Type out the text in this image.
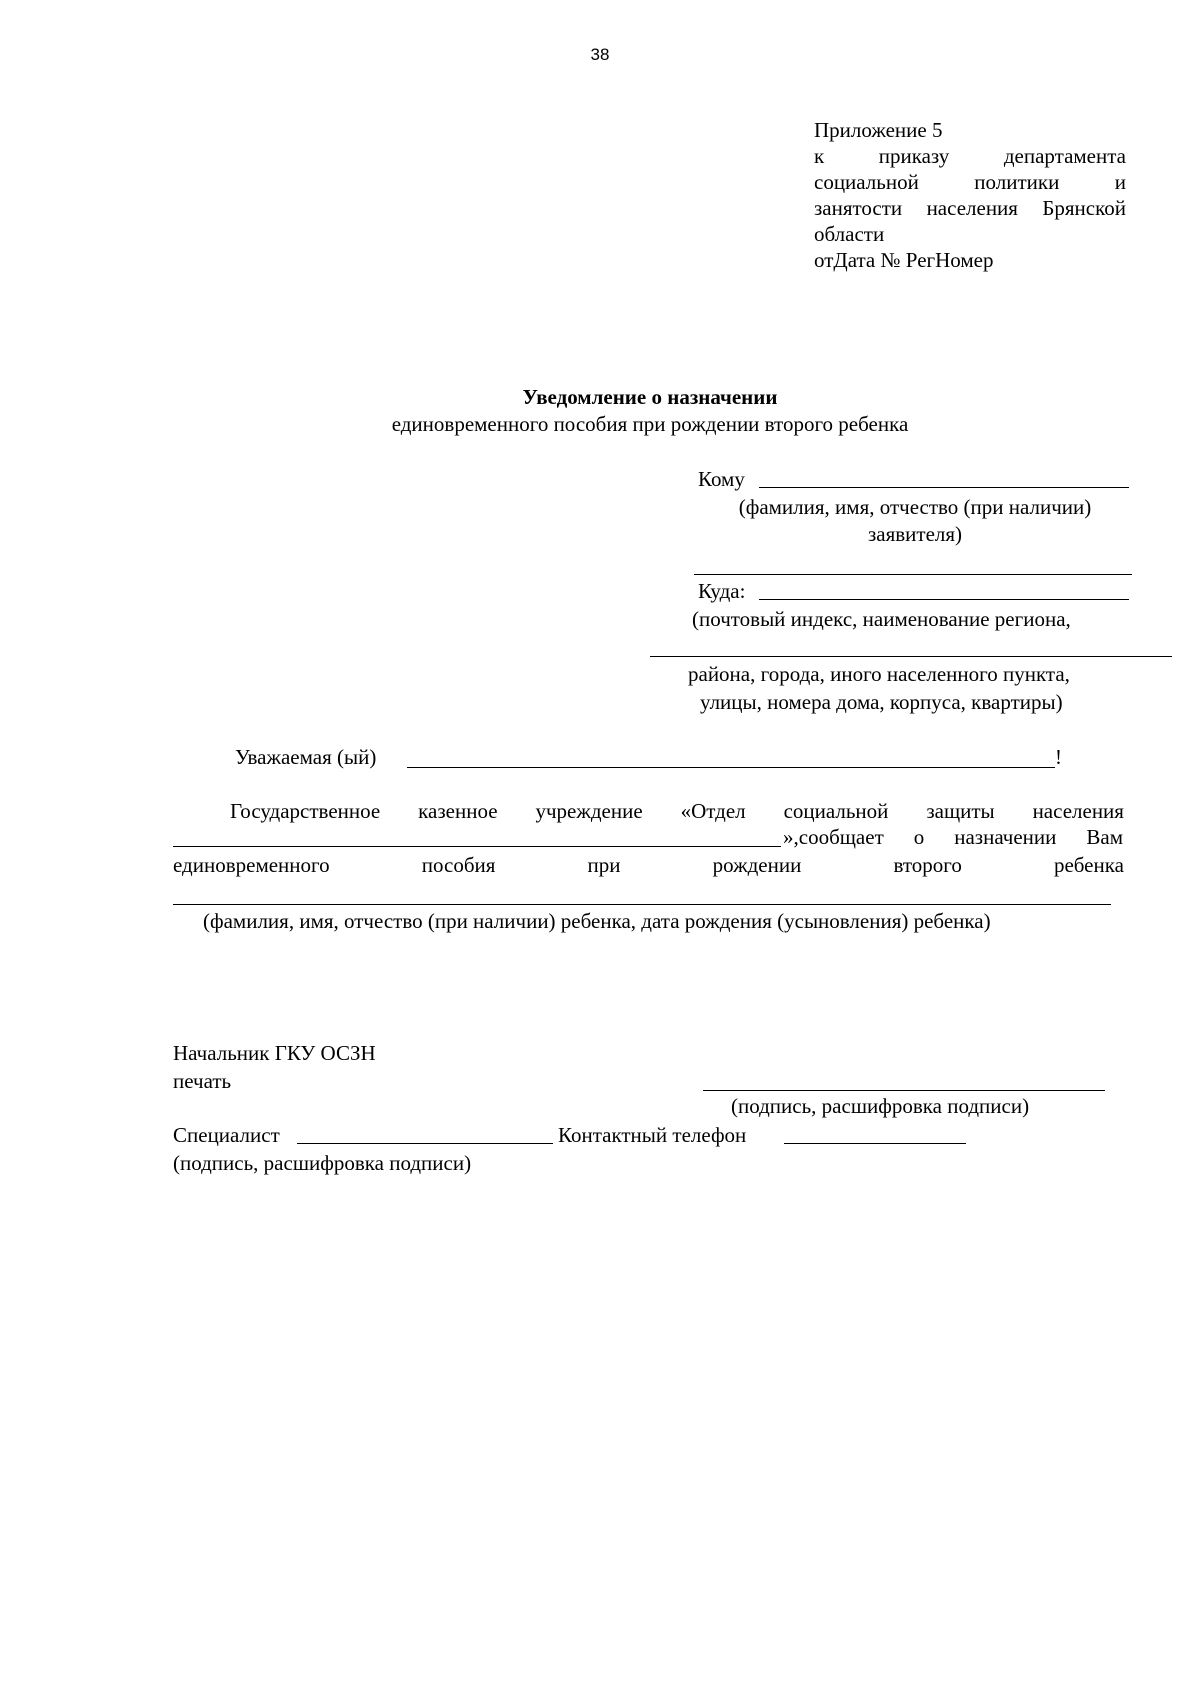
38
Приложение 5
к	приказу	департамента
социальной	политики	и
занятости населения Брянской
области
отДата № РегНомер
Уведомление о назначении
единовременного пособия при рождении второго ребенка
Кому
(фамилия, имя, отчество (при наличии)
заявителя)
Куда:
(почтовый индекс, наименование региона,
района, города, иного населенного пункта,
улицы, номера дома, корпуса, квартиры)
Уважаемая (ый)	!
Государственное казенное учреждение «Отдел социальной защиты населения
»,сообщает о назначении Вам
единовременного	пособия	при	рождении	второго	ребенка
(фамилия, имя, отчество (при наличии) ребенка, дата рождения (усыновления) ребенка)
Начальник ГКУ ОСЗН
печать
(подпись, расшифровка подписи)
Специалист	Контактный телефон
(подпись, расшифровка подписи)
